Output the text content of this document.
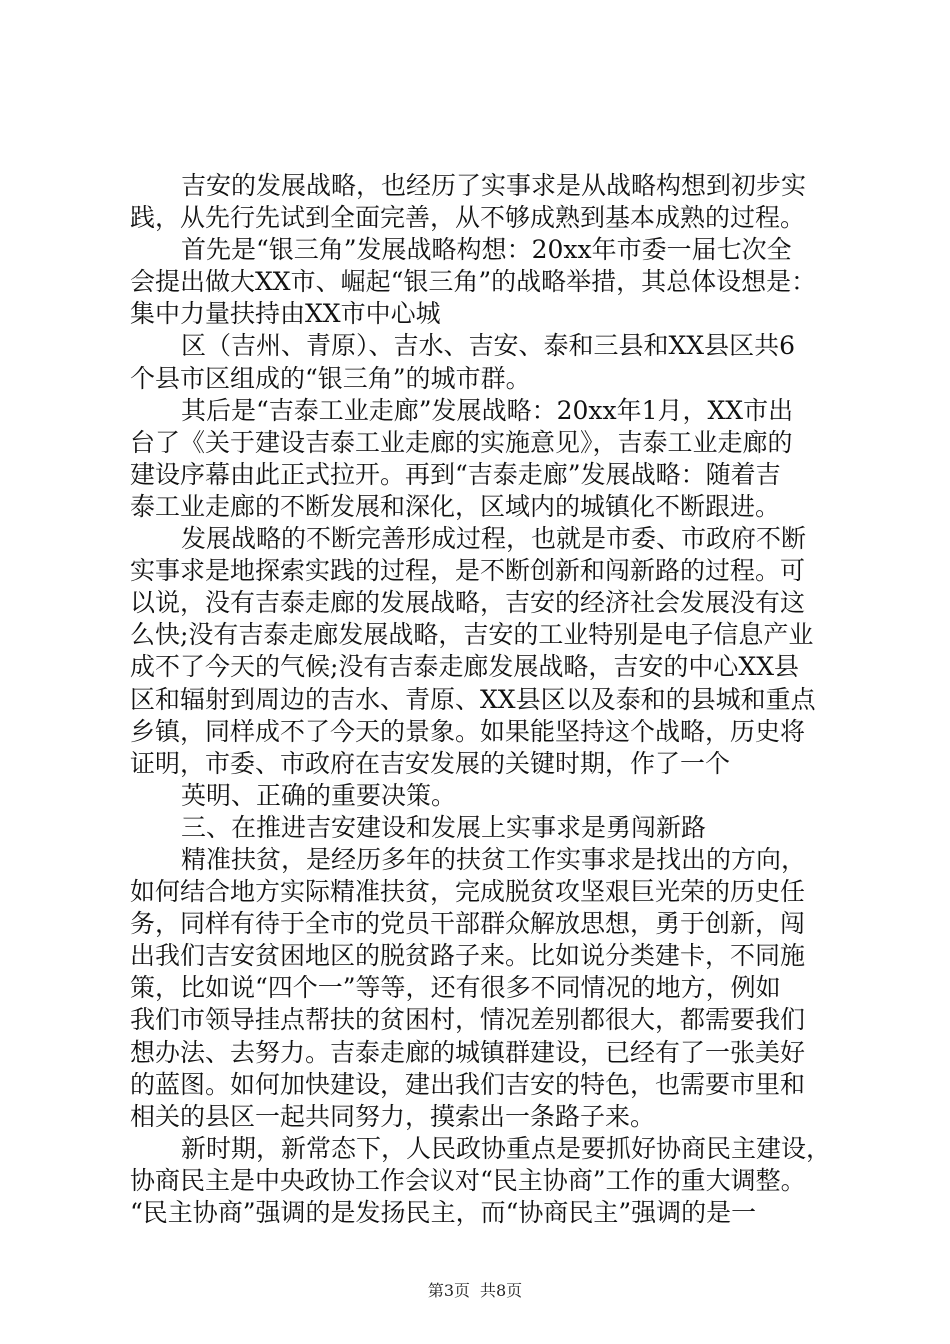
吉安的发展战略，也经历了实事求是从战略构想到初步实
践，从先行先试到全面完善，从不够成熟到基本成熟的过程。
首先是“银三角”发展战略构想：20xx年市委一届七次全
会提出做大XX市、崛起“银三角”的战略举措，其总体设想是：
集中力量扶持由XX市中心城
区（吉州、青原）、吉水、吉安、泰和三县和XX县区共6
个县市区组成的“银三角”的城市群。
其后是“吉泰工业走廊”发展战略：20xx年1月，XX市出
台了《关于建设吉泰工业走廊的实施意见》，吉泰工业走廊的
建设序幕由此正式拉开。再到“吉泰走廊”发展战略：随着吉
泰工业走廊的不断发展和深化，区域内的城镇化不断跟进。
发展战略的不断完善形成过程，也就是市委、市政府不断
实事求是地探索实践的过程，是不断创新和闯新路的过程。可
以说，没有吉泰走廊的发展战略，吉安的经济社会发展没有这
么快;没有吉泰走廊发展战略，吉安的工业特别是电子信息产业
成不了今天的气候;没有吉泰走廊发展战略，吉安的中心XX县
区和辐射到周边的吉水、青原、XX县区以及泰和的县城和重点
乡镇，同样成不了今天的景象。如果能坚持这个战略，历史将
证明，市委、市政府在吉安发展的关键时期，作了一个
英明、正确的重要决策。
三、在推进吉安建设和发展上实事求是勇闯新路
精准扶贫，是经历多年的扶贫工作实事求是找出的方向，
如何结合地方实际精准扶贫，完成脱贫攻坚艰巨光荣的历史任
务，同样有待于全市的党员干部群众解放思想，勇于创新，闯
出我们吉安贫困地区的脱贫路子来。比如说分类建卡，不同施
策，比如说“四个一”等等，还有很多不同情况的地方，例如
我们市领导挂点帮扶的贫困村，情况差别都很大，都需要我们
想办法、去努力。吉泰走廊的城镇群建设，已经有了一张美好
的蓝图。如何加快建设，建出我们吉安的特色，也需要市里和
相关的县区一起共同努力，摸索出一条路子来。
新时期，新常态下，人民政协重点是要抓好协商民主建设，
协商民主是中央政协工作会议对“民主协商”工作的重大调整。
“民主协商”强调的是发扬民主，而“协商民主”强调的是一
第3页 共8页
